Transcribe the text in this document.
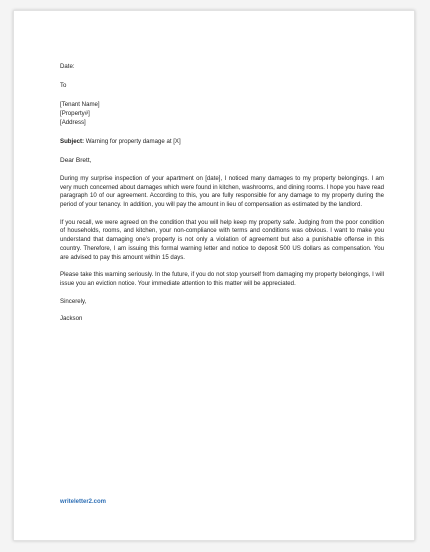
Date:

To

[Tenant Name]

[Property#]

[Address]

Subject: Warning for property damage at [X]

Dear Brett,

During my surprise inspection of your apartment on [date], I noticed many damages to my property belongings. I am very much concerned about damages which were found in kitchen, washrooms, and dining rooms. I hope you have read paragraph 10 of our agreement. According to this, you are fully responsible for any damage to my property during the period of your tenancy. In addition, you will pay the amount in lieu of compensation as estimated by the landlord.

If you recall, we were agreed on the condition that you will help keep my property safe. Judging from the poor condition of households, rooms, and kitchen, your non-compliance with terms and conditions was obvious. I want to make you understand that damaging one’s property is not only a violation of agreement but also a punishable offense in this country. Therefore, I am issuing this formal warning letter and notice to deposit 500 US dollars as compensation. You are advised to pay this amount within 15 days.

Please take this warning seriously. In the future, if you do not stop yourself from damaging my property belongings, I will issue you an eviction notice. Your immediate attention to this matter will be appreciated.

Sincerely,

Jackson

writeletter2.com
